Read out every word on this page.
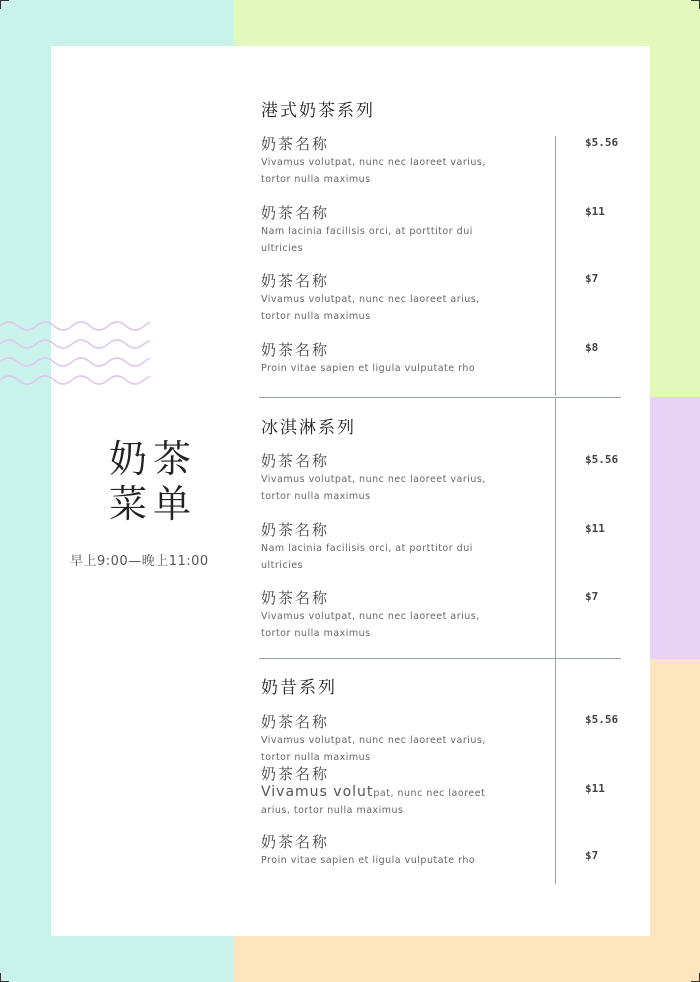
奶茶
菜单
早上9:00—晚上11:00
港式奶茶系列
奶茶名称
Vivamus volutpat, nunc nec laoreet varius,
tortor nulla maximus
$5.56
奶茶名称
Nam lacinia facilisis orci, at porttitor dui
ultricies
$11
奶茶名称
Vivamus volutpat, nunc nec laoreet arius,
tortor nulla maximus
$7
奶茶名称
Proin vitae sapien et ligula vulputate rho
$8
冰淇淋系列
奶茶名称
Vivamus volutpat, nunc nec laoreet varius,
tortor nulla maximus
$5.56
奶茶名称
Nam lacinia facilisis orci, at porttitor dui
ultricies
$11
奶茶名称
Vivamus volutpat, nunc nec laoreet arius,
tortor nulla maximus
$7
奶昔系列
奶茶名称
Vivamus volutpat, nunc nec laoreet varius,
tortor nulla maximus
$5.56
奶茶名称
Vivamus volutpat, nunc nec laoreet
arius, tortor nulla maximus
$11
奶茶名称
Proin vitae sapien et ligula vulputate rho	$7
